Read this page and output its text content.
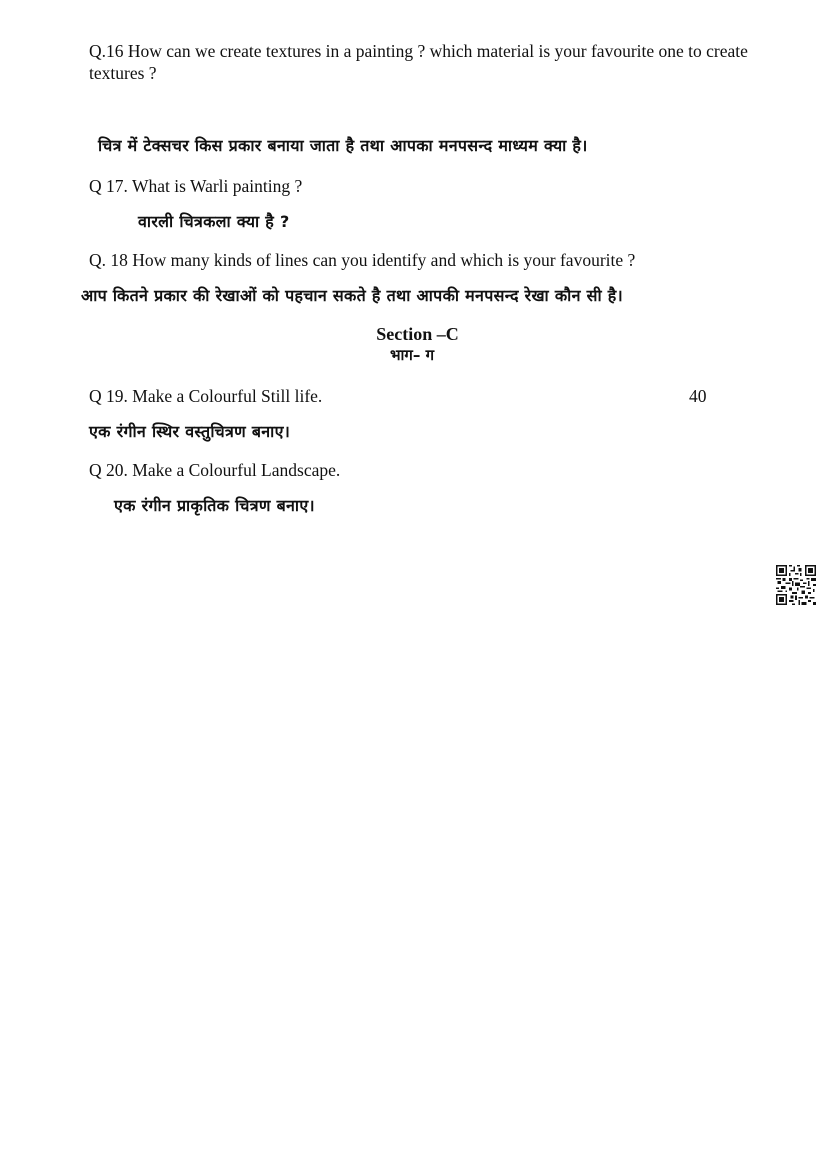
Q.16 How can we create textures in a painting ? which material is your favourite one to create textures ?
चित्र में टेक्सचर किस प्रकार बनाया जाता है तथा आपका मनपसन्द माध्यम क्या है।
Q 17. What is Warli painting ?
वारली चित्रकला क्या है ?
Q. 18 How many kinds of lines can you identify and which is your favourite ?
आप कितने प्रकार की रेखाओं को पहचान सकते है तथा आपकी मनपसन्द रेखा कौन सी है।
Section –C
भाग– ग
Q 19. Make a Colourful Still life.	40
एक रंगीन स्थिर वस्तुचित्रण बनाए।
Q 20. Make a Colourful Landscape.
एक रंगीन प्राकृतिक चित्रण बनाए।
